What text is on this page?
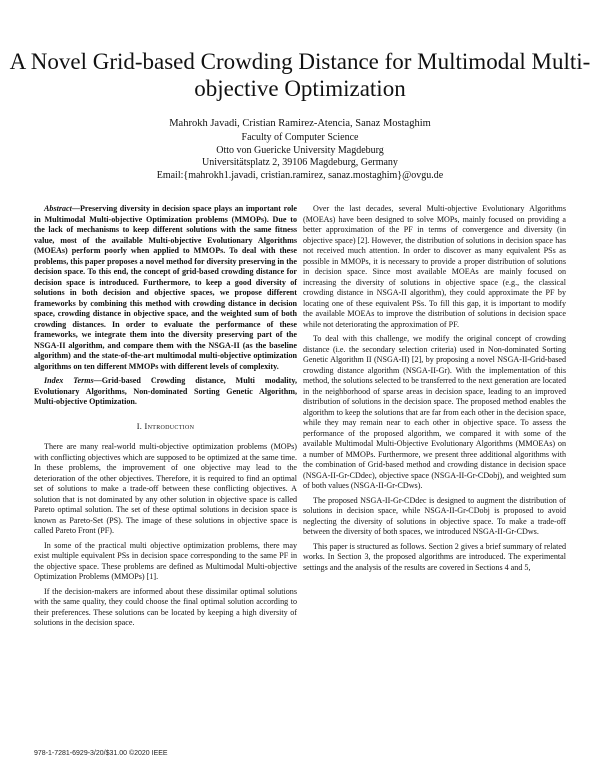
A Novel Grid-based Crowding Distance for Multimodal Multi-objective Optimization
Mahrokh Javadi, Cristian Ramirez-Atencia, Sanaz Mostaghim
Faculty of Computer Science
Otto von Guericke University Magdeburg
Universitätsplatz 2, 39106 Magdeburg, Germany
Email:{mahrokh1.javadi, cristian.ramirez, sanaz.mostaghim}@ovgu.de

Abstract—Preserving diversity in decision space plays an important role in Multimodal Multi-objective Optimization problems (MMOPs). Due to the lack of mechanisms to keep different solutions with the same fitness value, most of the available Multi-objective Evolutionary Algorithms (MOEAs) perform poorly when applied to MMOPs. To deal with these problems, this paper proposes a novel method for diversity preserving in the decision space. To this end, the concept of grid-based crowding distance for decision space is introduced. Furthermore, to keep a good diversity of solutions in both decision and objective spaces, we propose different frameworks by combining this method with crowding distance in decision space, crowding distance in objective space, and the weighted sum of both crowding distances. In order to evaluate the performance of these frameworks, we integrate them into the diversity preserving part of the NSGA-II algorithm, and compare them with the NSGA-II (as the baseline algorithm) and the state-of-the-art multimodal multi-objective optimization algorithms on ten different MMOPs with different levels of complexity.

Index Terms—Grid-based Crowding distance, Multi modality, Evolutionary Algorithms, Non-dominated Sorting Genetic Algorithm, Multi-objective Optimization.

I. Introduction

There are many real-world multi-objective optimization problems (MOPs) with conflicting objectives which are supposed to be optimized at the same time. In these problems, the improvement of one objective may lead to the deterioration of the other objectives. Therefore, it is required to find an optimal set of solutions to make a trade-off between these conflicting objectives. A solution that is not dominated by any other solution in objective space is called Pareto optimal solution. The set of these optimal solutions in decision space is known as Pareto-Set (PS). The image of these solutions in objective space is called Pareto Front (PF).

In some of the practical multi objective optimization problems, there may exist multiple equivalent PSs in decision space corresponding to the same PF in the objective space. These problems are defined as Multimodal Multi-objective Optimization Problems (MMOPs) [1].

If the decision-makers are informed about these dissimilar optimal solutions with the same quality, they could choose the final optimal solution according to their preferences. These solutions can be located by keeping a high diversity of solutions in the decision space.

Over the last decades, several Multi-objective Evolutionary Algorithms (MOEAs) have been designed to solve MOPs, mainly focused on providing a better approximation of the PF in terms of convergence and diversity (in objective space) [2]. However, the distribution of solutions in decision space has not received much attention. In order to discover as many equivalent PSs as possible in MMOPs, it is necessary to provide a proper distribution of solutions in decision space. Since most available MOEAs are mainly focused on increasing the diversity of solutions in objective space (e.g., the classical crowding distance in NSGA-II algorithm), they could approximate the PF by locating one of these equivalent PSs. To fill this gap, it is important to modify the available MOEAs to improve the distribution of solutions in decision space while not deteriorating the approximation of PF.

To deal with this challenge, we modify the original concept of crowding distance (i.e. the secondary selection criteria) used in Non-dominated Sorting Genetic Algorithm II (NSGA-II) [2], by proposing a novel NSGA-II-Grid-based crowding distance algorithm (NSGA-II-Gr). With the implementation of this method, the solutions selected to be transferred to the next generation are located in the neighborhood of sparse areas in decision space, leading to an improved distribution of solutions in the decision space. The proposed method enables the algorithm to keep the solutions that are far from each other in the decision space, while they may remain near to each other in objective space. To assess the performance of the proposed algorithm, we compared it with some of the available Multimodal Multi-Objective Evolutionary Algorithms (MMOEAs) on a number of MMOPs. Furthermore, we present three additional algorithms with the combination of Grid-based method and crowding distance in decision space (NSGA-II-Gr-CDdec), objective space (NSGA-II-Gr-CDobj), and weighted sum of both values (NSGA-II-Gr-CDws).

The proposed NSGA-II-Gr-CDdec is designed to augment the distribution of solutions in decision space, while NSGA-II-Gr-CDobj is proposed to avoid neglecting the diversity of solutions in objective space. To make a trade-off between the diversity of both spaces, we introduced NSGA-II-Gr-CDws.

This paper is structured as follows. Section 2 gives a brief summary of related works. In Section 3, the proposed algorithms are introduced. The experimental settings and the analysis of the results are covered in Sections 4 and 5,

978-1-7281-6929-3/20/$31.00 ©2020 IEEE
